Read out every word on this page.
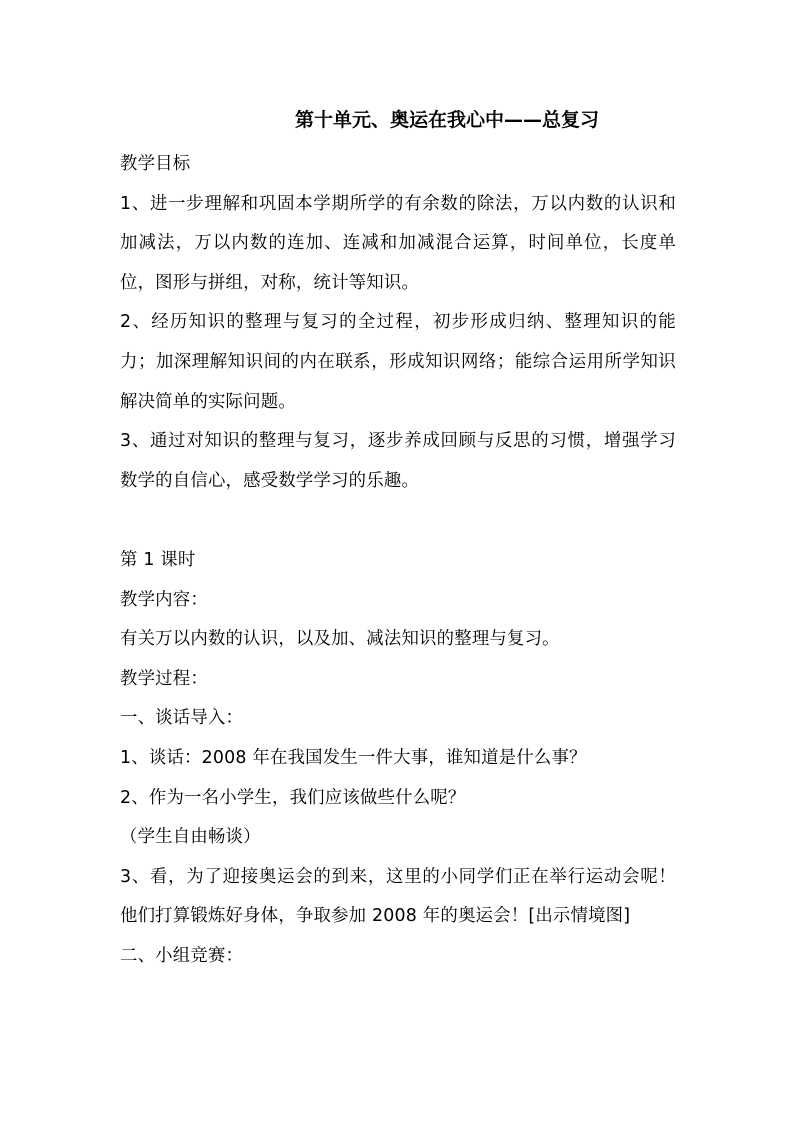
第十单元、奥运在我心中——总复习

教学目标

1、进一步理解和巩固本学期所学的有余数的除法，万以内数的认识和加减法，万以内数的连加、连减和加减混合运算，时间单位，长度单位，图形与拼组，对称，统计等知识。

2、经历知识的整理与复习的全过程，初步形成归纳、整理知识的能力；加深理解知识间的内在联系，形成知识网络；能综合运用所学知识解决简单的实际问题。

3、通过对知识的整理与复习，逐步养成回顾与反思的习惯，增强学习数学的自信心，感受数学学习的乐趣。

第 1 课时

教学内容：

有关万以内数的认识，以及加、减法知识的整理与复习。

教学过程：

一、谈话导入：

1、谈话：2008 年在我国发生一件大事，谁知道是什么事？

2、作为一名小学生，我们应该做些什么呢？

（学生自由畅谈）

3、看，为了迎接奥运会的到来，这里的小同学们正在举行运动会呢！他们打算锻炼好身体，争取参加 2008 年的奥运会！[出示情境图]

二、小组竞赛：
